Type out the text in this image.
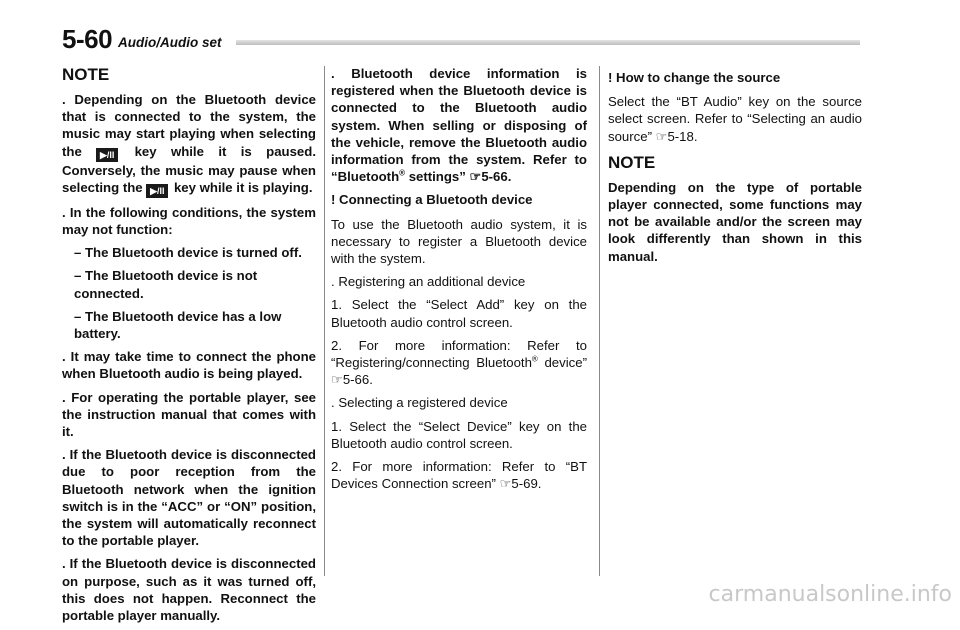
5-60 Audio/Audio set
NOTE

. Depending on the Bluetooth device that is connected to the system, the music may start playing when selecting the ▶/II key while it is paused. Conversely, the music may pause when selecting the ▶/II key while it is playing.

. In the following conditions, the system may not function:

– The Bluetooth device is turned off.

– The Bluetooth device is not connected.

– The Bluetooth device has a low battery.

. It may take time to connect the phone when Bluetooth audio is being played.

. For operating the portable player, see the instruction manual that comes with it.

. If the Bluetooth device is disconnected due to poor reception from the Bluetooth network when the ignition switch is in the “ACC” or “ON” position, the system will automatically reconnect to the portable player.

. If the Bluetooth device is disconnected on purpose, such as it was turned off, this does not happen. Reconnect the portable player manually.

. Bluetooth device information is registered when the Bluetooth device is connected to the Bluetooth audio system. When selling or disposing of the vehicle, remove the Bluetooth audio information from the system. Refer to “Bluetooth® settings” ☞5-66.

! Connecting a Bluetooth device

To use the Bluetooth audio system, it is necessary to register a Bluetooth device with the system.

. Registering an additional device

1. Select the “Select Add” key on the Bluetooth audio control screen.

2. For more information: Refer to “Registering/connecting Bluetooth® device” ☞5-66.

. Selecting a registered device

1. Select the “Select Device” key on the Bluetooth audio control screen.

2. For more information: Refer to “BT Devices Connection screen” ☞5-69.

! How to change the source

Select the “BT Audio” key on the source select screen. Refer to “Selecting an audio source” ☞5-18.

NOTE

Depending on the type of portable player connected, some functions may not be available and/or the screen may look differently than shown in this manual.

carmanualsonline.info
